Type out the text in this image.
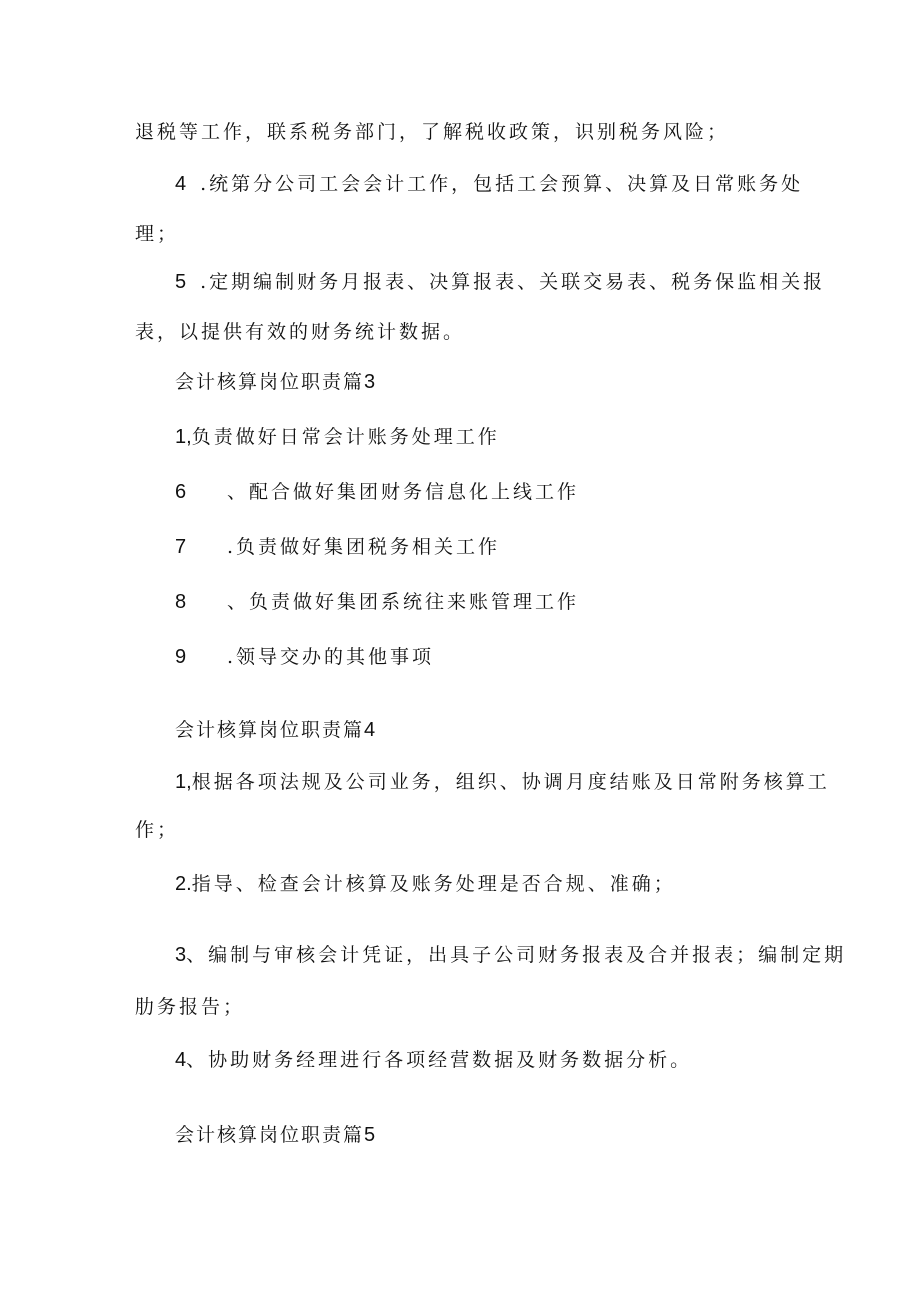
退税等工作，联系税务部门，了解税收政策，识别税务风险；
4 .统第分公司工会会计工作，包括工会预算、决算及日常账务处
理；
5 .定期编制财务月报表、决算报表、关联交易表、税务保监相关报
表，以提供有效的财务统计数据。
会计核算岗位职责篇3
1,负责做好日常会计账务处理工作
6 、配合做好集团财务信息化上线工作
7 .负责做好集团税务相关工作
8 、负责做好集团系统往来账管理工作
9 .领导交办的其他事项
会计核算岗位职责篇4
1,根据各项法规及公司业务，组织、协调月度结账及日常附务核算工
作；
2.指导、检查会计核算及账务处理是否合规、准确；
3、编制与审核会计凭证，出具子公司财务报表及合并报表；编制定期
肋务报告；
4、协助财务经理进行各项经营数据及财务数据分析。
会计核算岗位职责篇5
